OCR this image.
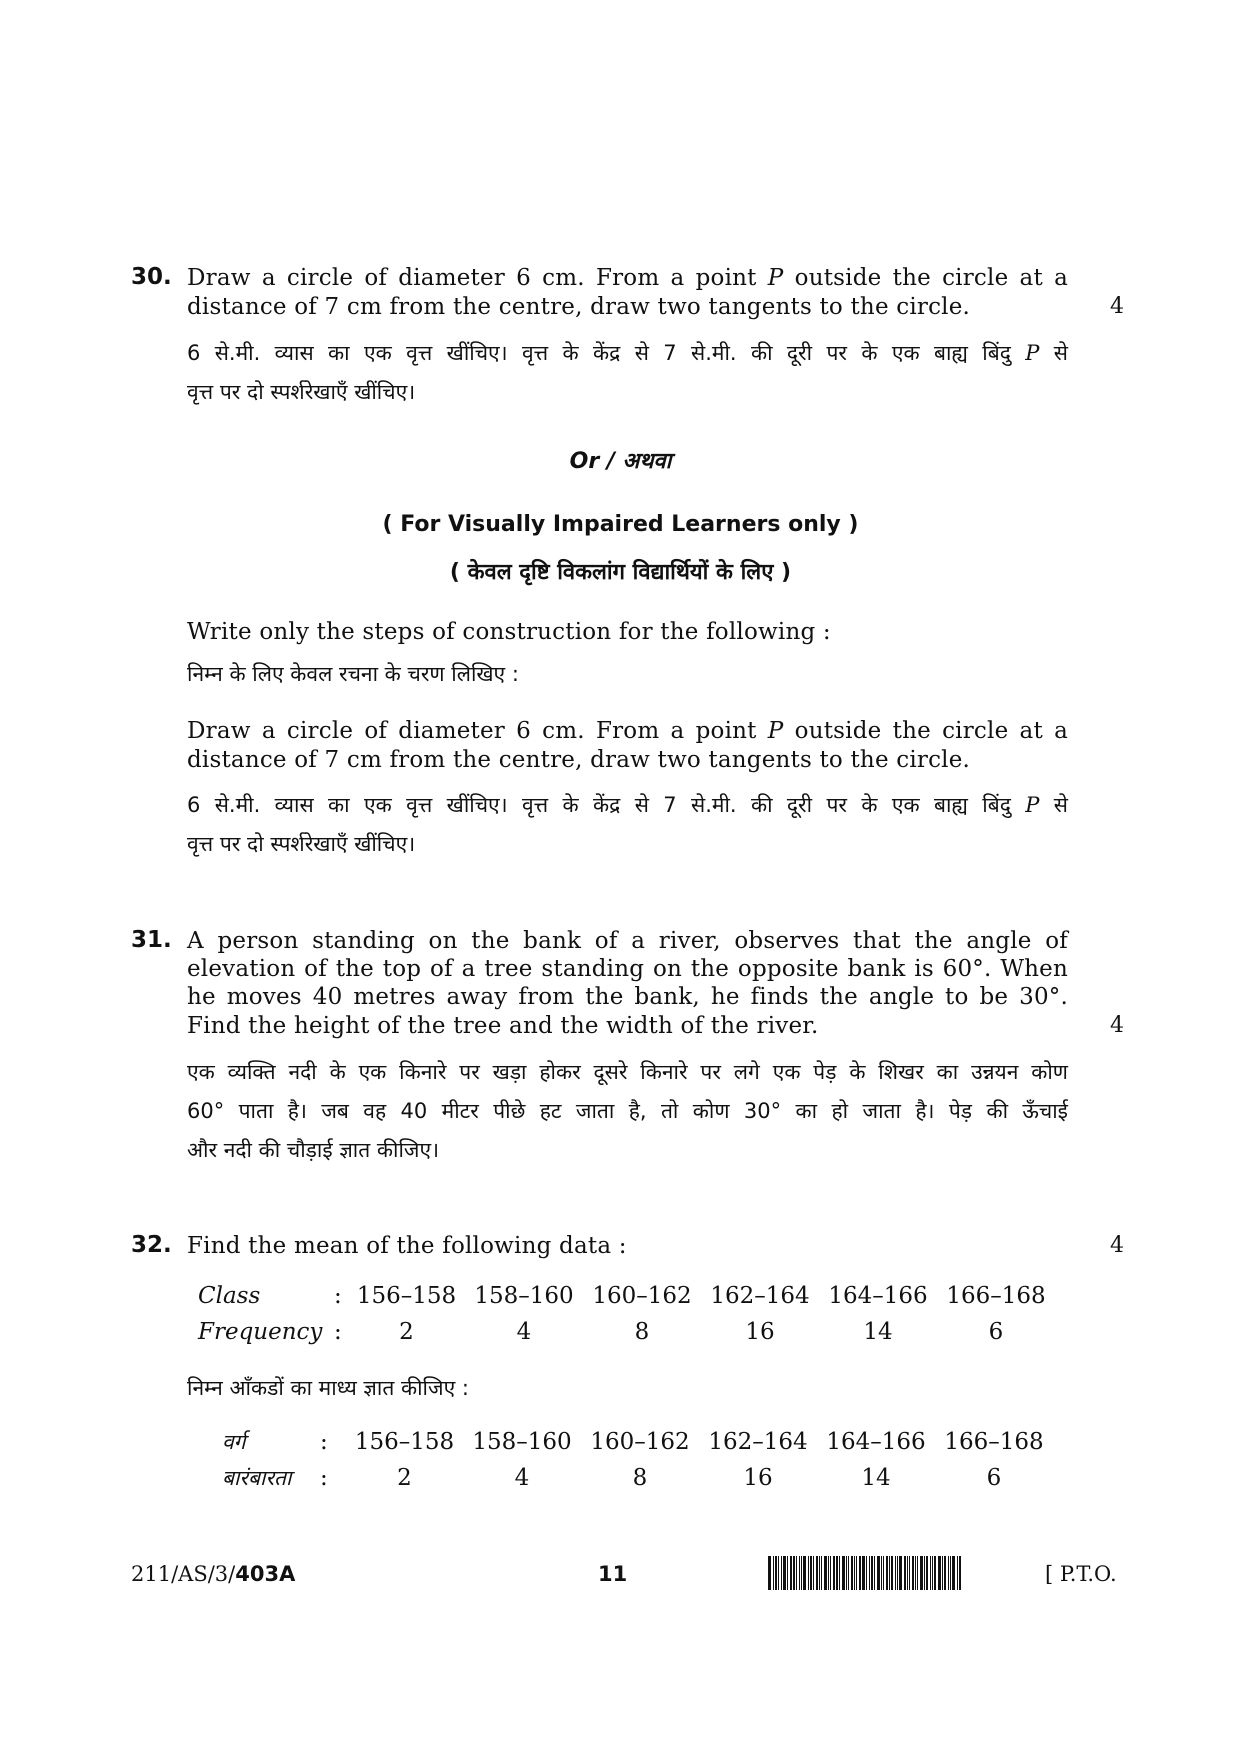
30. Draw a circle of diameter 6 cm. From a point P outside the circle at a
distance of 7 cm from the centre, draw two tangents to the circle.	4
6 से.मी. व्यास का एक वृत्त खींचिए। वृत्त के केंद्र से 7 से.मी. की दूरी पर के एक बाह्य बिंदु P से
वृत्त पर दो स्पर्शरेखाएँ खींचिए।
Or / अथवा
( For Visually Impaired Learners only )
( केवल दृष्टि विकलांग विद्यार्थियों के लिए )
Write only the steps of construction for the following :
निम्न के लिए केवल रचना के चरण लिखिए :
Draw a circle of diameter 6 cm. From a point P outside the circle at a
distance of 7 cm from the centre, draw two tangents to the circle.
6 से.मी. व्यास का एक वृत्त खींचिए। वृत्त के केंद्र से 7 से.मी. की दूरी पर के एक बाह्य बिंदु P से
वृत्त पर दो स्पर्शरेखाएँ खींचिए।
31. A person standing on the bank of a river, observes that the angle of
elevation of the top of a tree standing on the opposite bank is 60°. When
he moves 40 metres away from the bank, he finds the angle to be 30°.
Find the height of the tree and the width of the river.	4
एक व्यक्ति नदी के एक किनारे पर खड़ा होकर दूसरे किनारे पर लगे एक पेड़ के शिखर का उन्नयन कोण
60° पाता है। जब वह 40 मीटर पीछे हट जाता है, तो कोण 30° का हो जाता है। पेड़ की ऊँचाई
और नदी की चौड़ाई ज्ञात कीजिए।
32. Find the mean of the following data :	4
Class	:	156–158	158–160	160–162	162–164	164–166	166–168
Frequency	:	2	4	8	16	14	6
निम्न आँकडों का माध्य ज्ञात कीजिए :
वर्ग	:	156–158	158–160	160–162	162–164	164–166	166–168
बारंबारता	:	2	4	8	16	14	6
211/AS/3/403A	11	[ P.T.O.
